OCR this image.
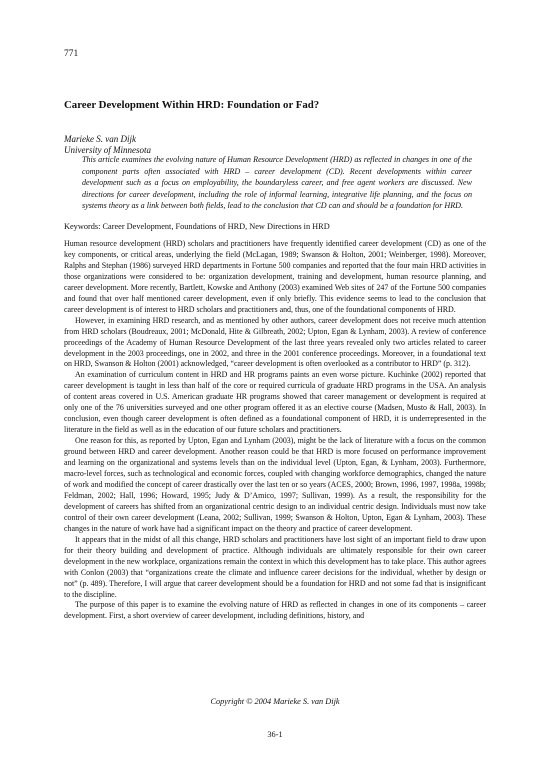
771
Career Development Within HRD: Foundation or Fad?
Marieke S. van Dijk
University of Minnesota

This article examines the evolving nature of Human Resource Development (HRD) as reflected in changes in one of the component parts often associated with HRD – career development (CD). Recent developments within career development such as a focus on employability, the boundaryless career, and free agent workers are discussed. New directions for career development, including the role of informal learning, integrative life planning, and the focus on systems theory as a link between both fields, lead to the conclusion that CD can and should be a foundation for HRD.

Keywords: Career Development, Foundations of HRD, New Directions in HRD

Human resource development (HRD) scholars and practitioners have frequently identified career development (CD) as one of the key components, or critical areas, underlying the field (McLagan, 1989; Swanson & Holton, 2001; Weinberger, 1998). Moreover, Ralphs and Stephan (1986) surveyed HRD departments in Fortune 500 companies and reported that the four main HRD activities in those organizations were considered to be: organization development, training and development, human resource planning, and career development. More recently, Bartlett, Kowske and Anthony (2003) examined Web sites of 247 of the Fortune 500 companies and found that over half mentioned career development, even if only briefly. This evidence seems to lead to the conclusion that career development is of interest to HRD scholars and practitioners and, thus, one of the foundational components of HRD.

However, in examining HRD research, and as mentioned by other authors, career development does not receive much attention from HRD scholars (Boudreaux, 2001; McDonald, Hite & Gilbreath, 2002; Upton, Egan & Lynham, 2003). A review of conference proceedings of the Academy of Human Resource Development of the last three years revealed only two articles related to career development in the 2003 proceedings, one in 2002, and three in the 2001 conference proceedings. Moreover, in a foundational text on HRD, Swanson & Holton (2001) acknowledged, “career development is often overlooked as a contributor to HRD” (p. 312).

An examination of curriculum content in HRD and HR programs paints an even worse picture. Kuchinke (2002) reported that career development is taught in less than half of the core or required curricula of graduate HRD programs in the USA. An analysis of content areas covered in U.S. American graduate HR programs showed that career management or development is required at only one of the 76 universities surveyed and one other program offered it as an elective course (Madsen, Musto & Hall, 2003). In conclusion, even though career development is often defined as a foundational component of HRD, it is underrepresented in the literature in the field as well as in the education of our future scholars and practitioners.

One reason for this, as reported by Upton, Egan and Lynham (2003), might be the lack of literature with a focus on the common ground between HRD and career development. Another reason could be that HRD is more focused on performance improvement and learning on the organizational and systems levels than on the individual level (Upton, Egan, & Lynham, 2003). Furthermore, macro-level forces, such as technological and economic forces, coupled with changing workforce demographics, changed the nature of work and modified the concept of career drastically over the last ten or so years (ACES, 2000; Brown, 1996, 1997, 1998a, 1998b; Feldman, 2002; Hall, 1996; Howard, 1995; Judy & D’Amico, 1997; Sullivan, 1999). As a result, the responsibility for the development of careers has shifted from an organizational centric design to an individual centric design. Individuals must now take control of their own career development (Leana, 2002; Sullivan, 1999; Swanson & Holton, Upton, Egan & Lynham, 2003). These changes in the nature of work have had a significant impact on the theory and practice of career development.

It appears that in the midst of all this change, HRD scholars and practitioners have lost sight of an important field to draw upon for their theory building and development of practice. Although individuals are ultimately responsible for their own career development in the new workplace, organizations remain the context in which this development has to take place. This author agrees with Conlon (2003) that “organizations create the climate and influence career decisions for the individual, whether by design or not” (p. 489). Therefore, I will argue that career development should be a foundation for HRD and not some fad that is insignificant to the discipline.

The purpose of this paper is to examine the evolving nature of HRD as reflected in changes in one of its components – career development. First, a short overview of career development, including definitions, history, and

Copyright © 2004 Marieke S. van Dijk
36-1
